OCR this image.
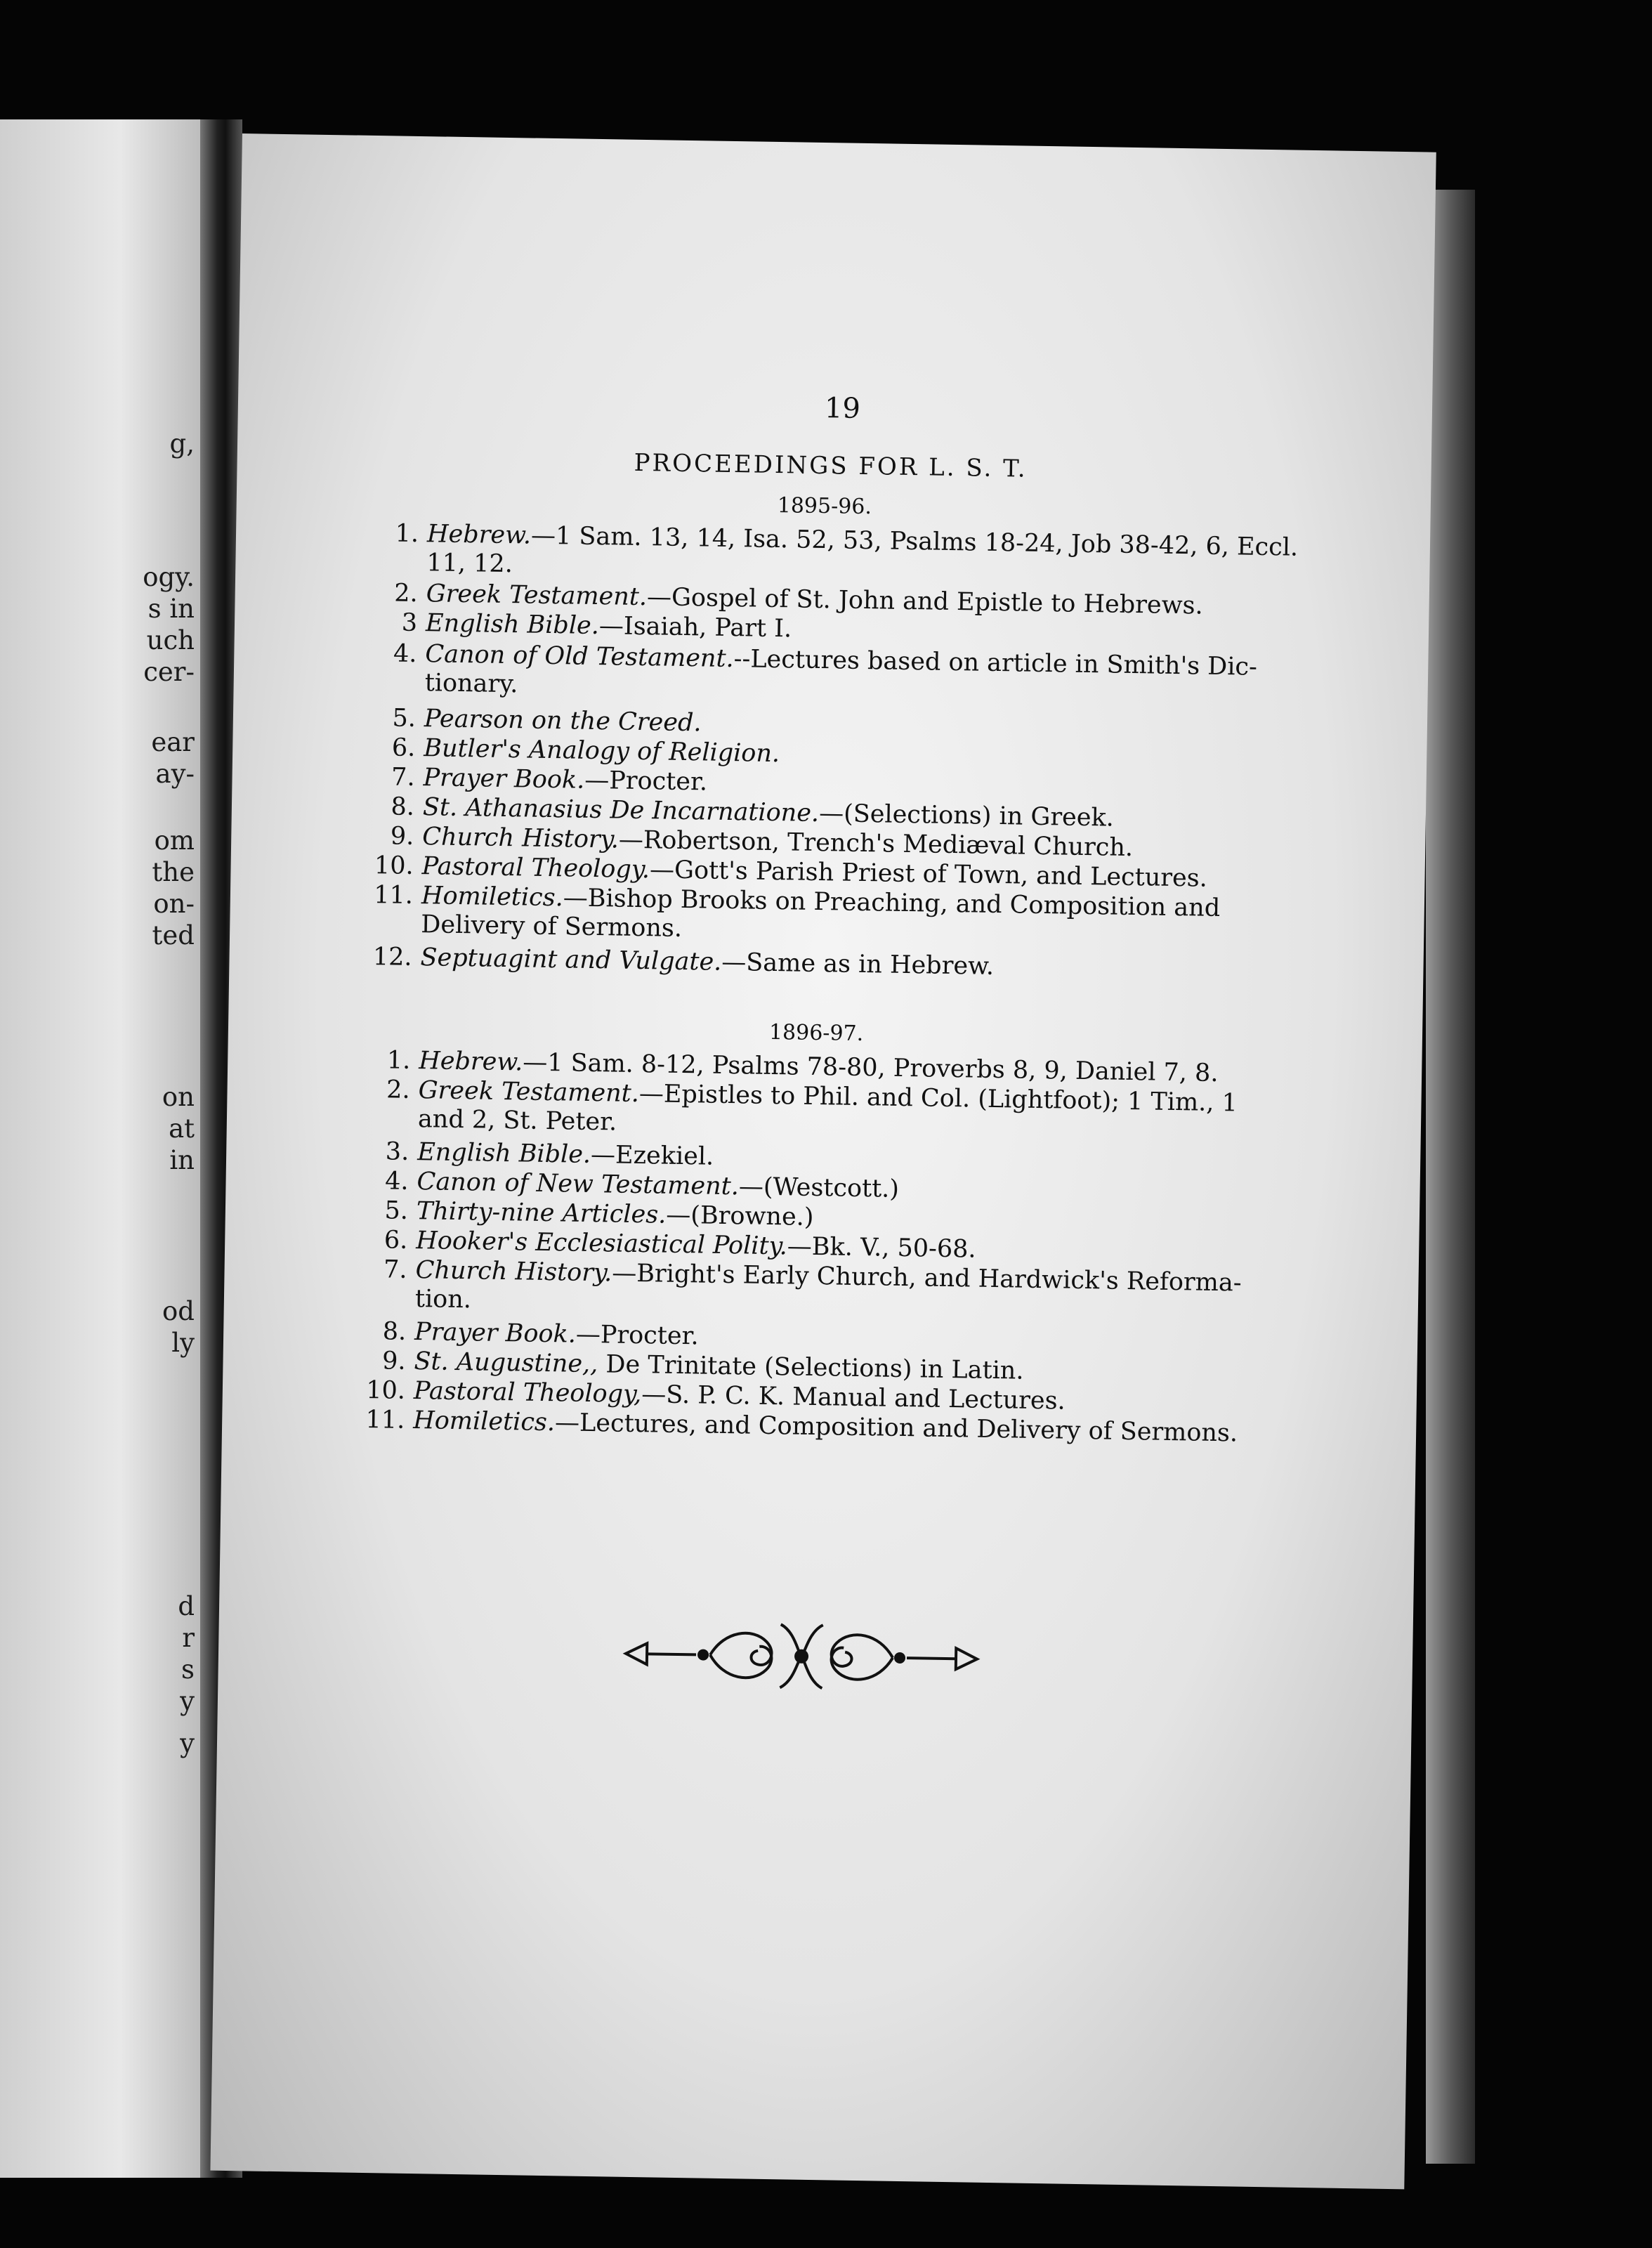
g,
ogy.
s in
uch
cer-
ear
ay-
om
the
on-
ted
on
at
in
od
ly
d
r
s
y
y
19
PROCEEDINGS FOR L. S. T.
1895-96.
1. Hebrew.—1 Sam. 13, 14, Isa. 52, 53, Psalms 18-24, Job 38-42, 6, Eccl.
11, 12.
2. Greek Testament.—Gospel of St. John and Epistle to Hebrews.
3 English Bible.—Isaiah, Part I.
4. Canon of Old Testament.--Lectures based on article in Smith's Dic-
tionary.
5. Pearson on the Creed.
6. Butler's Analogy of Religion.
7. Prayer Book.—Procter.
8. St. Athanasius De Incarnatione.—(Selections) in Greek.
9. Church History.—Robertson, Trench's Mediæval Church.
10. Pastoral Theology.—Gott's Parish Priest of Town, and Lectures.
11. Homiletics.—Bishop Brooks on Preaching, and Composition and
Delivery of Sermons.
12. Septuagint and Vulgate.—Same as in Hebrew.
1896-97.
1. Hebrew.—1 Sam. 8-12, Psalms 78-80, Proverbs 8, 9, Daniel 7, 8.
2. Greek Testament.—Epistles to Phil. and Col. (Lightfoot); 1 Tim., 1
and 2, St. Peter.
3. English Bible.—Ezekiel.
4. Canon of New Testament.—(Westcott.)
5. Thirty-nine Articles.—(Browne.)
6. Hooker's Ecclesiastical Polity.—Bk. V., 50-68.
7. Church History.—Bright's Early Church, and Hardwick's Reforma-
tion.
8. Prayer Book.—Procter.
9. St. Augustine,, De Trinitate (Selections) in Latin.
10. Pastoral Theology,—S. P. C. K. Manual and Lectures.
11. Homiletics.—Lectures, and Composition and Delivery of Sermons.
